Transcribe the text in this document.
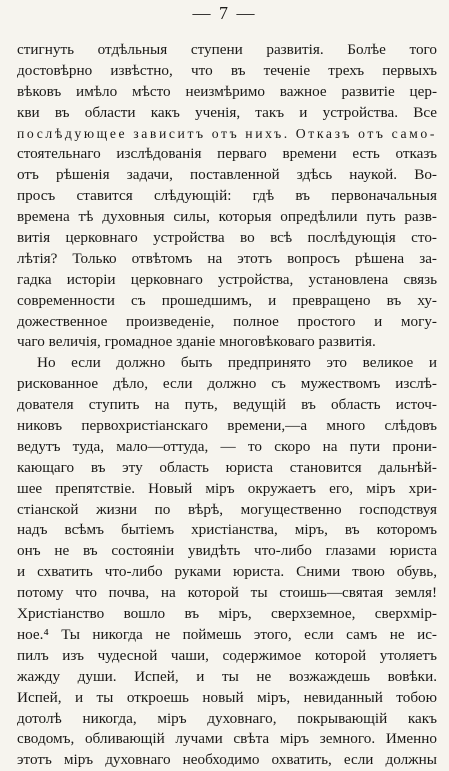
— 7 —
стигнуть отдѣльныя ступени развитія. Болѣе того
достовѣрно извѣстно, что въ теченіе трехъ первыхъ
вѣковъ имѣло мѣсто неизмѣримо важное развитіе цер-
кви въ области какъ ученія, такъ и устройства. Все
послѣдующее зависитъ отъ нихъ. Отказъ отъ само-
стоятельнаго изслѣдованія перваго времени есть отказъ
отъ рѣшенія задачи, поставленной здѣсь наукой. Во-
просъ ставится слѣдующій: гдѣ въ первоначальныя
времена тѣ духовныя силы, которыя опредѣлили путь разв-
витія церковнаго устройства во всѣ послѣдующія сто-
лѣтія? Только отвѣтомъ на этотъ вопросъ рѣшена за-
гадка исторіи церковнаго устройства, установлена связь
современности съ прошедшимъ, и превращено въ ху-
дожественное произведеніе, полное простого и могу-
чаго величія, громадное зданіе многовѣковаго развитія.
Но если должно быть предпринято это великое и
рискованное дѣло, если должно съ мужествомъ изслѣ-
дователя ступить на путь, ведущій въ область источ-
никовъ первохристіанскаго времени,—а много слѣдовъ
ведутъ туда, мало—оттуда, — то скоро на пути прони-
кающаго въ эту область юриста становится дальнѣй-
шее препятствіе. Новый міръ окружаетъ его, міръ хри-
стіанской жизни по вѣрѣ, могущественно господствуя
надъ всѣмъ бытіемъ христіанства, міръ, въ которомъ
онъ не въ состояніи увидѣть что-либо глазами юриста
и схватить что-либо руками юриста. Сними твою обувь,
потому что почва, на которой ты стоишь—святая земля!
Христіанство вошло въ міръ, сверхземное, сверхмір-
ное.⁴ Ты никогда не поймешь этого, если самъ не ис-
пилъ изъ чудесной чаши, содержимое которой утоляетъ
жажду души. Испей, и ты не возжаждешь вовѣки.
Испей, и ты откроешь новый міръ, невиданный тобою
дотолѣ никогда, міръ духовнаго, покрывающій какъ
сводомъ, обливающій лучами свѣта міръ земного. Именно
этотъ міръ духовнаго необходимо охватить, если должны
